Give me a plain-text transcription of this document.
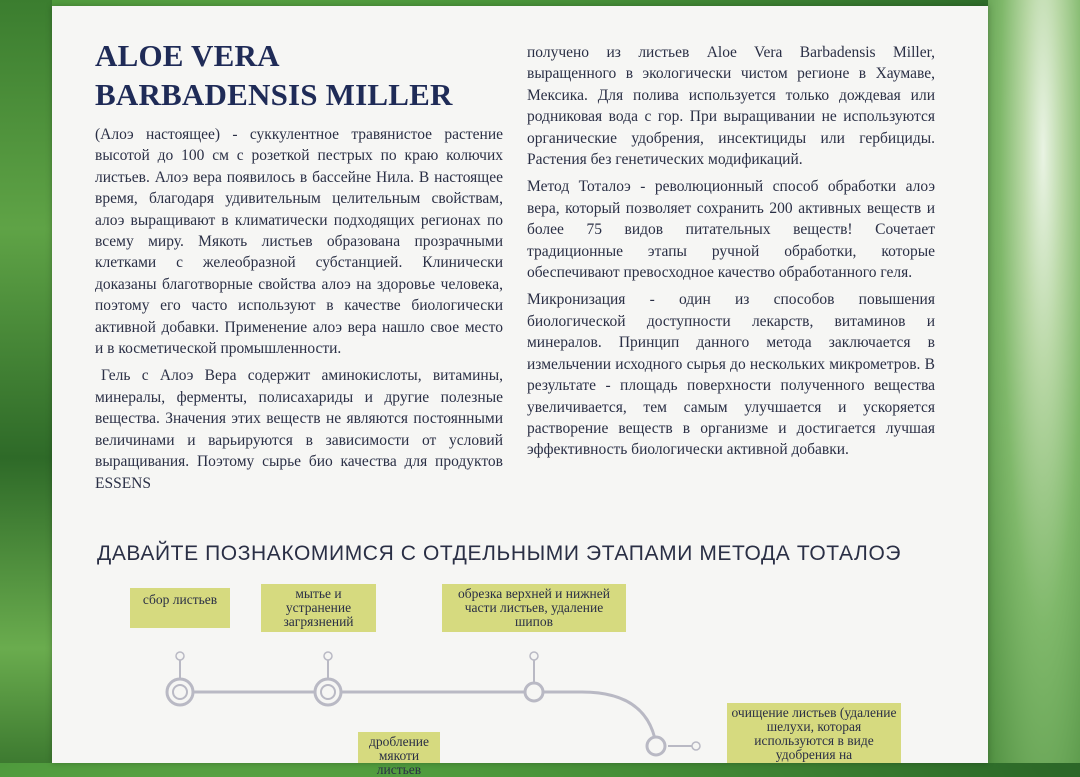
ALOE VERA
BARBADENSIS MILLER

(Алоэ настоящее) - суккулентное травянистое растение высотой до 100 см с розеткой пестрых по краю колючих листьев. Алоэ вера появилось в бассейне Нила. В настоящее время, благодаря удивительным целительным свойствам, алоэ выращивают в климатически подходящих регионах по всему миру. Мякоть листьев образована прозрачными клетками с желеобразной субстанцией. Клинически доказаны благотворные свойства алоэ на здоровье человека, поэтому его часто используют в качестве биологически активной добавки. Применение алоэ вера нашло свое место и в косметической промышленности.

Гель с Алоэ Вера содержит аминокислоты, витамины, минералы, ферменты, полисахариды и другие полезные вещества. Значения этих веществ не являются постоянными величинами и варьируются в зависимости от условий выращивания. Поэтому сырье био качества для продуктов ESSENS

получено из листьев Aloe Vera Barbadensis Miller, выращенного в экологически чистом регионе в Хаумаве, Мексика. Для полива используется только дождевая или родниковая вода с гор. При выращивании не используются органические удобрения, инсектициды или гербициды. Растения без генетических модификаций.

Метод Тоталоэ - революционный способ обработки алоэ вера, который позволяет сохранить 200 активных веществ и более 75 видов питательных веществ! Сочетает традиционные этапы ручной обработки, которые обеспечивают превосходное качество обработанного геля.

Микронизация - один из способов повышения биологической доступности лекарств, витаминов и минералов. Принцип данного метода заключается в измельчении исходного сырья до нескольких микрометров. В результате - площадь поверхности полученного вещества увеличивается, тем самым улучшается и ускоряется растворение веществ в организме и достигается лучшая эффективность биологически активной добавки.

ДАВАЙТЕ ПОЗНАКОМИМСЯ С ОТДЕЛЬНЫМИ ЭТАПАМИ МЕТОДА ТОТАЛОЭ
сбор листьев	мытье и устранение загрязнений
обрезка верхней и нижней части листьев, удаление шипов
очищение листьев (удаление шелухи, которая используются в виде удобрения на
дробление мякоти листьев
